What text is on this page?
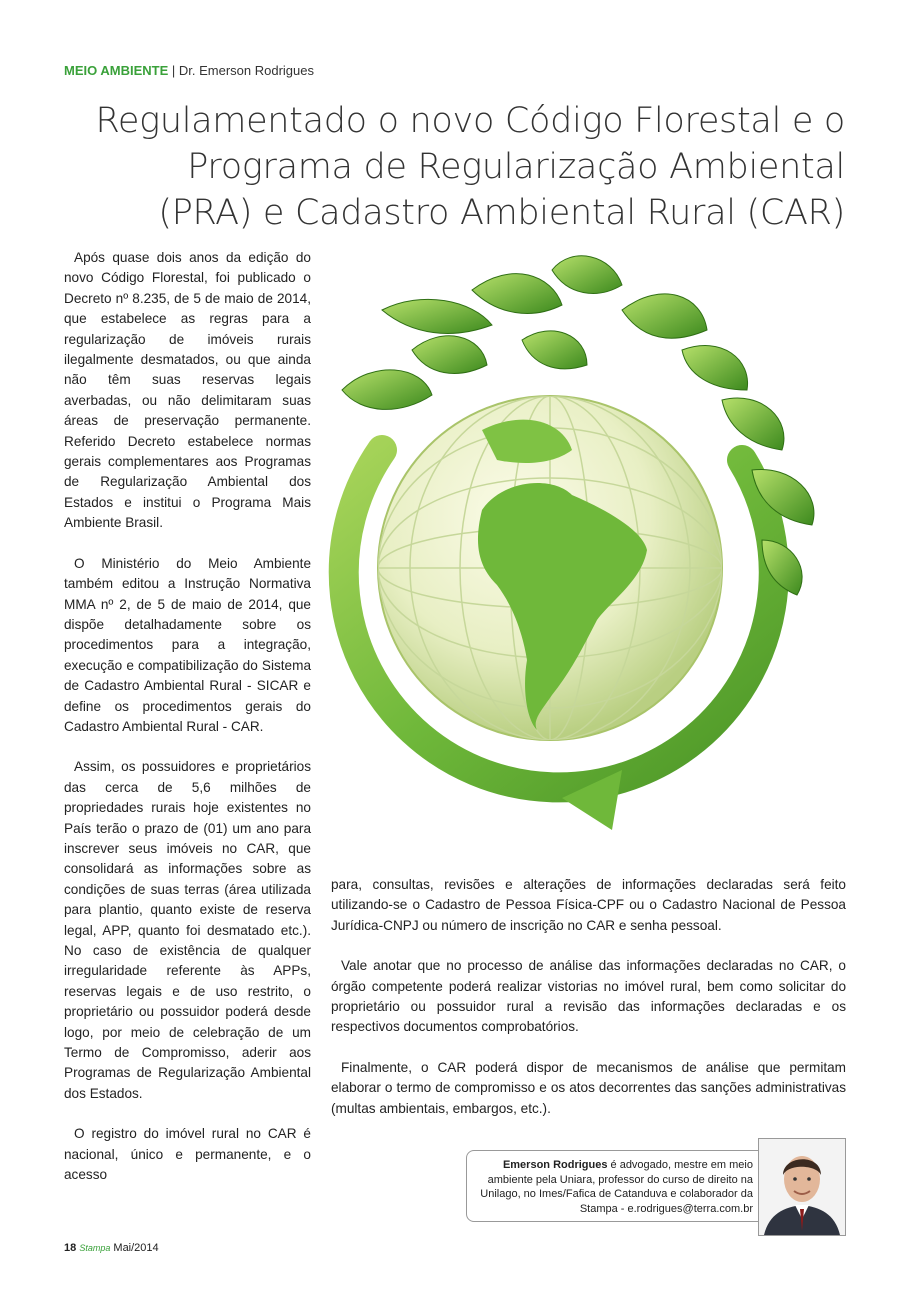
MEIO AMBIENTE | Dr. Emerson Rodrigues
Regulamentado o novo Código Florestal e o Programa de Regularização Ambiental (PRA) e Cadastro Ambiental Rural (CAR)

Após quase dois anos da edição do novo Código Florestal, foi publicado o Decreto nº 8.235, de 5 de maio de 2014, que estabelece as regras para a regularização de imóveis rurais ilegalmente desmatados, ou que ainda não têm suas reservas legais averbadas, ou não delimitaram suas áreas de preservação permanente. Referido Decreto estabelece normas gerais complementares aos Programas de Regularização Ambiental dos Estados e institui o Programa Mais Ambiente Brasil.

O Ministério do Meio Ambiente também editou a Instrução Normativa MMA nº 2, de 5 de maio de 2014, que dispõe detalhadamente sobre os procedimentos para a integração, execução e compatibilização do Sistema de Cadastro Ambiental Rural - SICAR e define os procedimentos gerais do Cadastro Ambiental Rural - CAR.

Assim, os possuidores e proprietários das cerca de 5,6 milhões de propriedades rurais hoje existentes no País terão o prazo de (01) um ano para inscrever seus imóveis no CAR, que consolidará as informações sobre as condições de suas terras (área utilizada para plantio, quanto existe de reserva legal, APP, quanto foi desmatado etc.). No caso de existência de qualquer irregularidade referente às APPs, reservas legais e de uso restrito, o proprietário ou possuidor poderá desde logo, por meio de celebração de um Termo de Compromisso, aderir aos Programas de Regularização Ambiental dos Estados.

O registro do imóvel rural no CAR é nacional, único e permanente, e o acesso

para, consultas, revisões e alterações de informações declaradas será feito utilizando-se o Cadastro de Pessoa Física-CPF ou o Cadastro Nacional de Pessoa Jurídica-CNPJ ou número de inscrição no CAR e senha pessoal.

Vale anotar que no processo de análise das informações declaradas no CAR, o órgão competente poderá realizar vistorias no imóvel rural, bem como solicitar do proprietário ou possuidor rural a revisão das informações declaradas e os respectivos documentos comprobatórios.

Finalmente, o CAR poderá dispor de mecanismos de análise que permitam elaborar o termo de compromisso e os atos decorrentes das sanções administrativas (multas ambientais, embargos, etc.).

Emerson Rodrigues é advogado, mestre em meio ambiente pela Uniara, professor do curso de direito na Unilago, no Imes/Fafica de Catanduva e colaborador da Stampa - e.rodrigues@terra.com.br
18 Stampa Mai/2014
